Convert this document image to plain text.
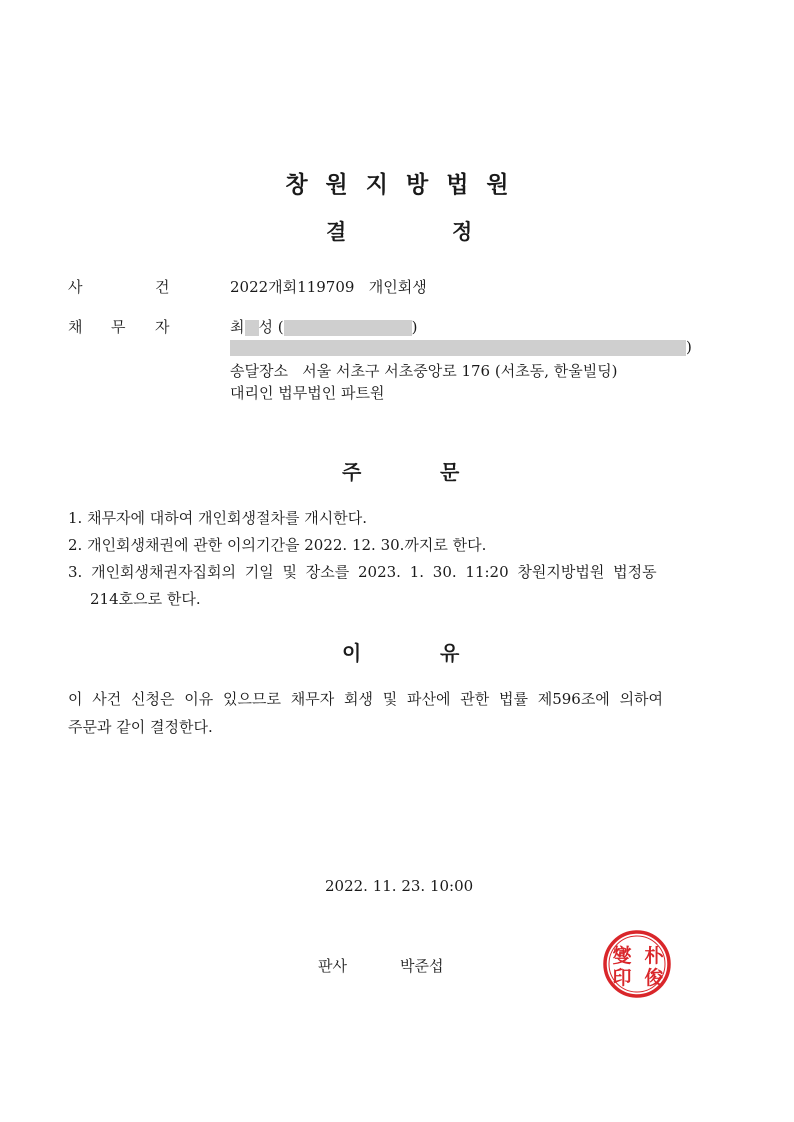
창원지방법원
결	정
사	건	2022개회119709   개인회생
채 무 자	최 성 (	)
)
송달장소   서울 서초구 서초중앙로 176 (서초동, 한울빌딩)
대리인 법무법인 파트원
주	문
1. 채무자에 대하여 개인회생절차를 개시한다.
2. 개인회생채권에 관한 이의기간을 2022. 12. 30.까지로 한다.
3. 개인회생채권자집회의 기일 및 장소를 2023. 1. 30. 11:20 창원지방법원 법정동
214호으로 한다.
이	유
이 사건 신청은 이유 있으므로 채무자 회생 및 파산에 관한 법률 제596조에 의하여
주문과 같이 결정한다.
2022. 11. 23. 10:00
판사	박준섭	朴
俊
燮
印
